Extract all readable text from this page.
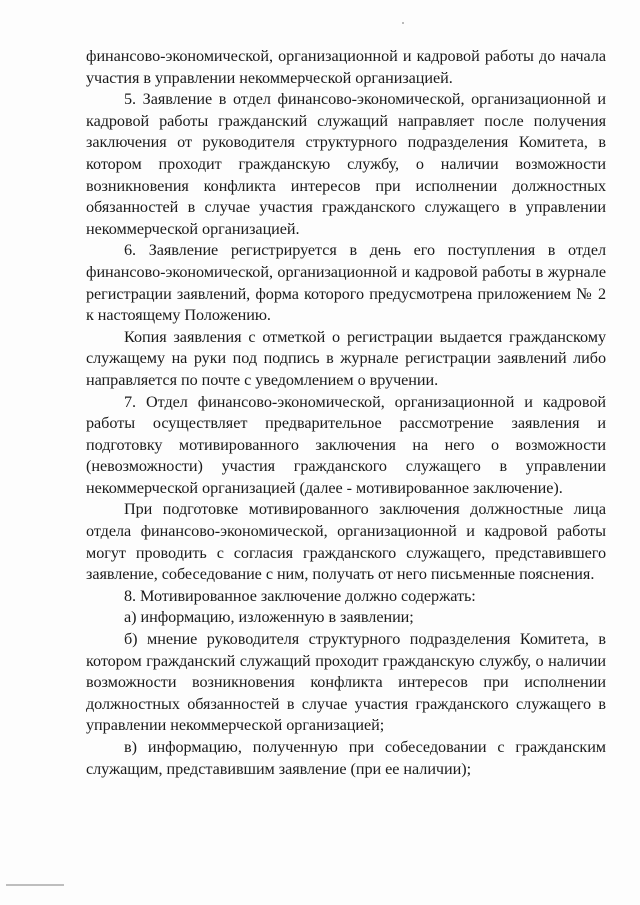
финансово-экономической, организационной и кадровой работы до начала участия в управлении некоммерческой организацией.

5. Заявление в отдел финансово-экономической, организационной и кадровой работы гражданский служащий направляет после получения заключения от руководителя структурного подразделения Комитета, в котором проходит гражданскую службу, о наличии возможности возникновения конфликта интересов при исполнении должностных обязанностей в случае участия гражданского служащего в управлении некоммерческой организацией.

6. Заявление регистрируется в день его поступления в отдел финансово-экономической, организационной и кадровой работы в журнале регистрации заявлений, форма которого предусмотрена приложением № 2 к настоящему Положению.

Копия заявления с отметкой о регистрации выдается гражданскому служащему на руки под подпись в журнале регистрации заявлений либо направляется по почте с уведомлением о вручении.

7. Отдел финансово-экономической, организационной и кадровой работы осуществляет предварительное рассмотрение заявления и подготовку мотивированного заключения на него о возможности (невозможности) участия гражданского служащего в управлении некоммерческой организацией (далее - мотивированное заключение).

При подготовке мотивированного заключения должностные лица отдела финансово-экономической, организационной и кадровой работы могут проводить с согласия гражданского служащего, представившего заявление, собеседование с ним, получать от него письменные пояснения.

8. Мотивированное заключение должно содержать:

а) информацию, изложенную в заявлении;

б) мнение руководителя структурного подразделения Комитета, в котором гражданский служащий проходит гражданскую службу, о наличии возможности возникновения конфликта интересов при исполнении должностных обязанностей в случае участия гражданского служащего в управлении некоммерческой организацией;

в) информацию, полученную при собеседовании с гражданским служащим, представившим заявление (при ее наличии);
